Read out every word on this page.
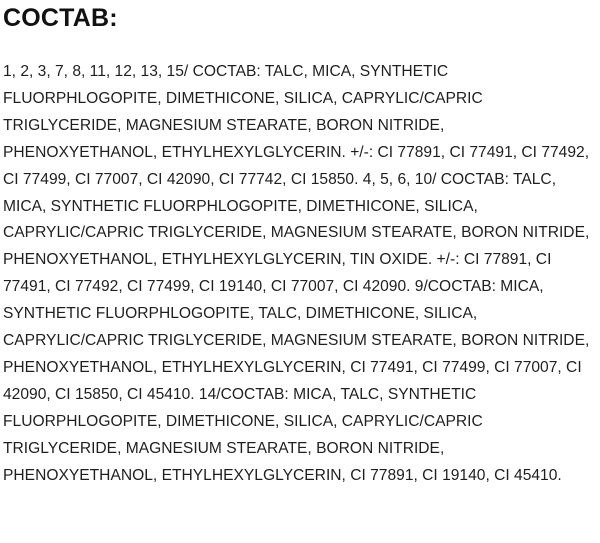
COCTAB:

1, 2, 3, 7, 8, 11, 12, 13, 15/ COCTAB: TALC, MICA, SYNTHETIC FLUORPHLOGOPITE, DIMETHICONE, SILICA, CAPRYLIC/CAPRIC TRIGLYCERIDE, MAGNESIUM STEARATE, BORON NITRIDE, PHENOXYETHANOL, ETHYLHEXYLGLYCERIN. +/-: CI 77891, CI 77491, CI 77492, CI 77499, CI 77007, CI 42090, CI 77742, CI 15850. 4, 5, 6, 10/ COCTAB: TALC, MICA, SYNTHETIC FLUORPHLOGOPITE, DIMETHICONE, SILICA, CAPRYLIC/CAPRIC TRIGLYCERIDE, MAGNESIUM STEARATE, BORON NITRIDE, PHENOXYETHANOL, ETHYLHEXYLGLYCERIN, TIN OXIDE. +/-: CI 77891, CI 77491, CI 77492, CI 77499, CI 19140, CI 77007, CI 42090. 9/COCTAB: MICA, SYNTHETIC FLUORPHLOGOPITE, TALC, DIMETHICONE, SILICA, CAPRYLIC/CAPRIC TRIGLYCERIDE, MAGNESIUM STEARATE, BORON NITRIDE, PHENOXYETHANOL, ETHYLHEXYLGLYCERIN, CI 77491, CI 77499, CI 77007, CI 42090, CI 15850, CI 45410. 14/COCTAB: MICA, TALC, SYNTHETIC FLUORPHLOGOPITE, DIMETHICONE, SILICA, CAPRYLIC/CAPRIC TRIGLYCERIDE, MAGNESIUM STEARATE, BORON NITRIDE, PHENOXYETHANOL, ETHYLHEXYLGLYCERIN, CI 77891, CI 19140, CI 45410.
